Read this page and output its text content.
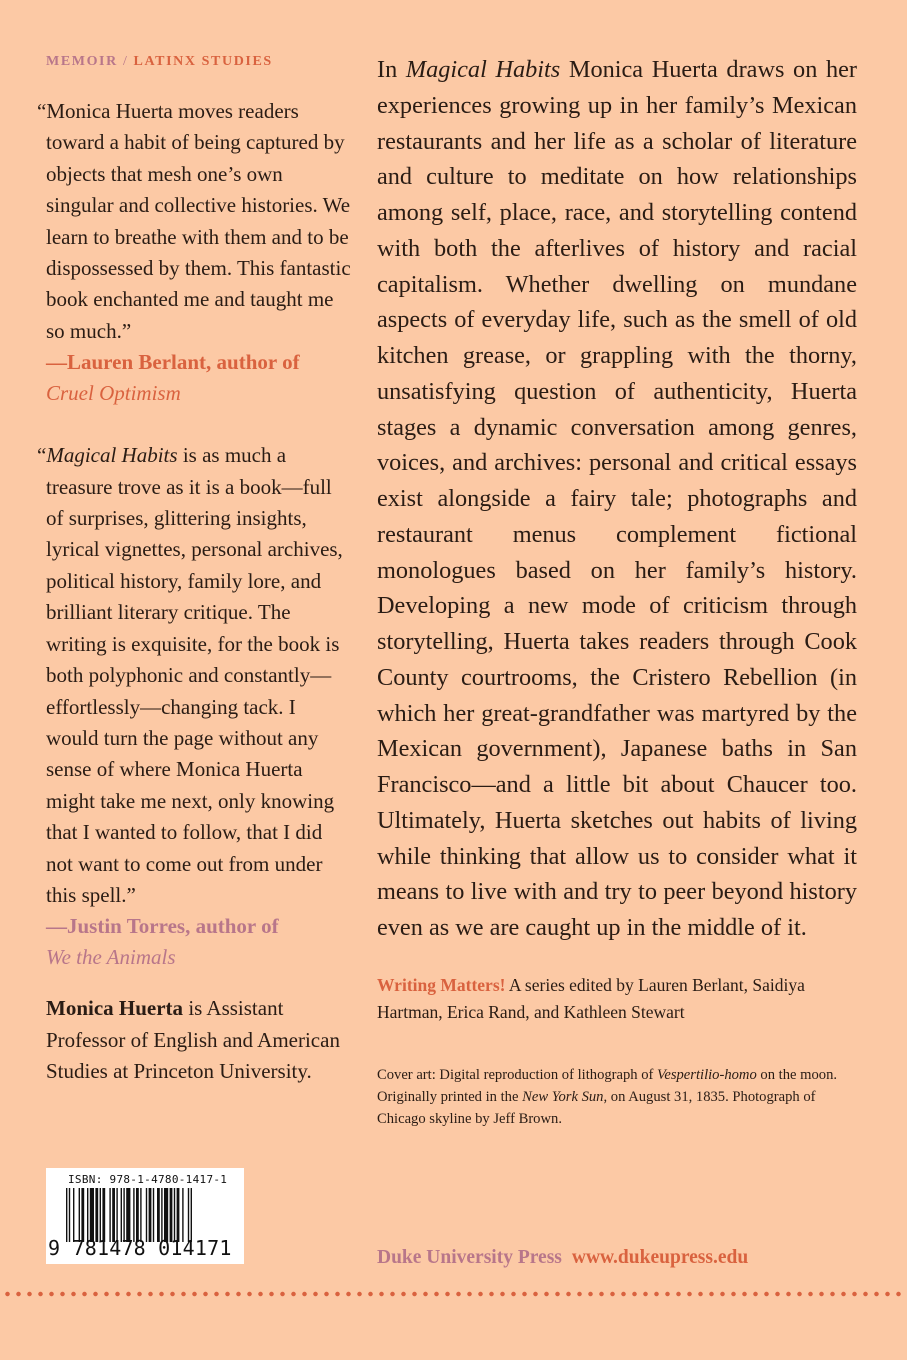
MEMOIR / LATINX STUDIES

“Monica Huerta moves readers toward a habit of being captured by objects that mesh one’s own singular and collective histories. We learn to breathe with them and to be dispossessed by them. This fantastic book enchanted me and taught me so much.”

—Lauren Berlant, author of
Cruel Optimism

“Magical Habits is as much a treasure trove as it is a book—full of surprises, glittering insights, lyrical vignettes, personal archives, political history, family lore, and brilliant literary critique. The writing is exquisite, for the book is both polyphonic and constantly—effortlessly—changing tack. I would turn the page without any sense of where Monica Huerta might take me next, only knowing that I wanted to follow, that I did not want to come out from under this spell.”

—Justin Torres, author of
We the Animals

Monica Huerta is Assistant Professor of English and American Studies at Princeton University.

In Magical Habits Monica Huerta draws on her experiences growing up in her family’s Mexican restaurants and her life as a scholar of literature and culture to meditate on how relationships among self, place, race, and storytelling contend with both the afterlives of history and racial capitalism. Whether dwelling on mundane aspects of everyday life, such as the smell of old kitchen grease, or grappling with the thorny, unsatisfying question of authenticity, Huerta stages a dynamic conversation among genres, voices, and archives: personal and critical essays exist alongside a fairy tale; photographs and restaurant menus complement fictional monologues based on her family’s history. Developing a new mode of criticism through storytelling, Huerta takes readers through Cook County courtrooms, the Cristero Rebellion (in which her great-grandfather was martyred by the Mexican government), Japanese baths in San Francisco—and a little bit about Chaucer too. Ultimately, Huerta sketches out habits of living while thinking that allow us to consider what it means to live with and try to peer beyond history even as we are caught up in the middle of it.

Writing Matters! A series edited by Lauren Berlant, Saidiya Hartman, Erica Rand, and Kathleen Stewart

Cover art: Digital reproduction of lithograph of Vespertilio-homo on the moon. Originally printed in the New York Sun, on August 31, 1835. Photograph of Chicago skyline by Jeff Brown.

Duke University Press www.dukeupress.edu
ISBN: 978-1-4780-1417-1
9 781478 014171
